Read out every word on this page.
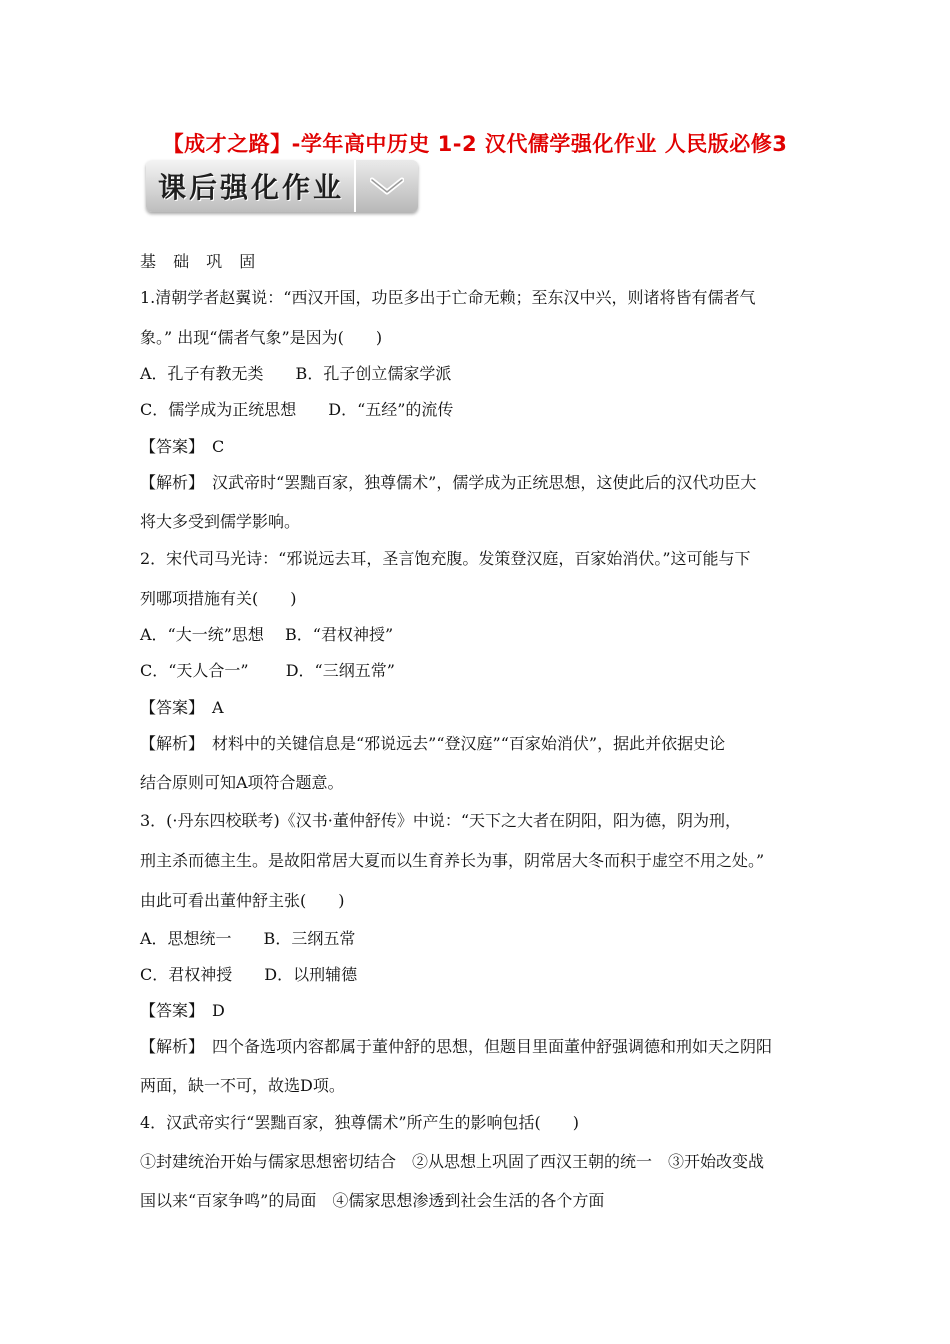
【成才之路】-学年高中历史 1-2 汉代儒学强化作业 人民版必修3
课后强化作业
基 础 巩 固
1.清朝学者赵翼说：“西汉开国，功臣多出于亡命无赖；至东汉中兴，则诸将皆有儒者气
象。” 出现“儒者气象”是因为(　　)
A．孔子有教无类　　B．孔子创立儒家学派
C．儒学成为正统思想　　D．“五经”的流传
【答案】　C
【解析】　汉武帝时“罢黜百家，独尊儒术”，儒学成为正统思想，这使此后的汉代功臣大
将大多受到儒学影响。
2．宋代司马光诗：“邪说远去耳，圣言饱充腹。发策登汉庭，百家始消伏。”这可能与下
列哪项措施有关(　　)
A．“大一统”思想　 B．“君权神授”
C．“天人合一”　　 D．“三纲五常”
【答案】　A
【解析】　材料中的关键信息是“邪说远去”“登汉庭”“百家始消伏”，据此并依据史论
结合原则可知A项符合题意。
3．(·丹东四校联考)《汉书·董仲舒传》中说：“天下之大者在阴阳，阳为德，阴为刑，
刑主杀而德主生。是故阳常居大夏而以生育养长为事，阴常居大冬而积于虚空不用之处。”
由此可看出董仲舒主张(　　)
A．思想统一　　B．三纲五常
C．君权神授　　D．以刑辅德
【答案】　D
【解析】　四个备选项内容都属于董仲舒的思想，但题目里面董仲舒强调德和刑如天之阴阳
两面，缺一不可，故选D项。
4．汉武帝实行“罢黜百家，独尊儒术”所产生的影响包括(　　)
①封建统治开始与儒家思想密切结合　②从思想上巩固了西汉王朝的统一　③开始改变战
国以来“百家争鸣”的局面　④儒家思想渗透到社会生活的各个方面
